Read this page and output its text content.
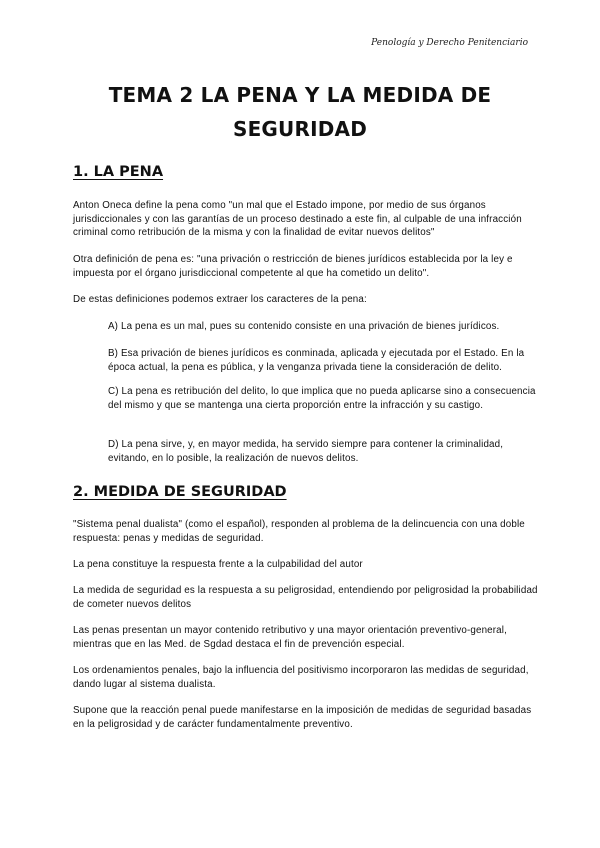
Penología y Derecho Penitenciario
TEMA 2 LA PENA Y LA MEDIDA DE
SEGURIDAD
1. LA PENA
Anton Oneca define la pena como "un mal que el Estado impone, por medio de sus órganos jurisdiccionales y con las garantías de un proceso destinado a este fin, al culpable de una infracción criminal como retribución de la misma y con la finalidad de evitar nuevos delitos"
Otra definición de pena es: "una privación o restricción de bienes jurídicos establecida por la ley e impuesta por el órgano jurisdiccional competente al que ha cometido un delito".
De estas definiciones podemos extraer los caracteres de la pena:
A) La pena es un mal, pues su contenido consiste en una privación de bienes jurídicos.
B) Esa privación de bienes jurídicos es conminada, aplicada y ejecutada por el Estado. En la época actual, la pena es pública, y la venganza privada tiene la consideración de delito.
C) La pena es retribución del delito, lo que implica que no pueda aplicarse sino a consecuencia del mismo y que se mantenga una cierta proporción entre la infracción y su castigo.
D) La pena sirve, y, en mayor medida, ha servido siempre para contener la criminalidad, evitando, en lo posible, la realización de nuevos delitos.
2. MEDIDA DE SEGURIDAD
"Sistema penal dualista" (como el español), responden al problema de la delincuencia con una doble respuesta: penas y medidas de seguridad.
La pena constituye la respuesta frente a la culpabilidad del autor
La medida de seguridad es la respuesta a su peligrosidad, entendiendo por peligrosidad la probabilidad de cometer nuevos delitos
Las penas presentan un mayor contenido retributivo y una mayor orientación preventivo-general, mientras que en las Med. de Sgdad destaca el fin de prevención especial.
Los ordenamientos penales, bajo la influencia del positivismo incorporaron las medidas de seguridad, dando lugar al sistema dualista.
Supone que la reacción penal puede manifestarse en la imposición de medidas de seguridad basadas en la peligrosidad y de carácter fundamentalmente preventivo.
